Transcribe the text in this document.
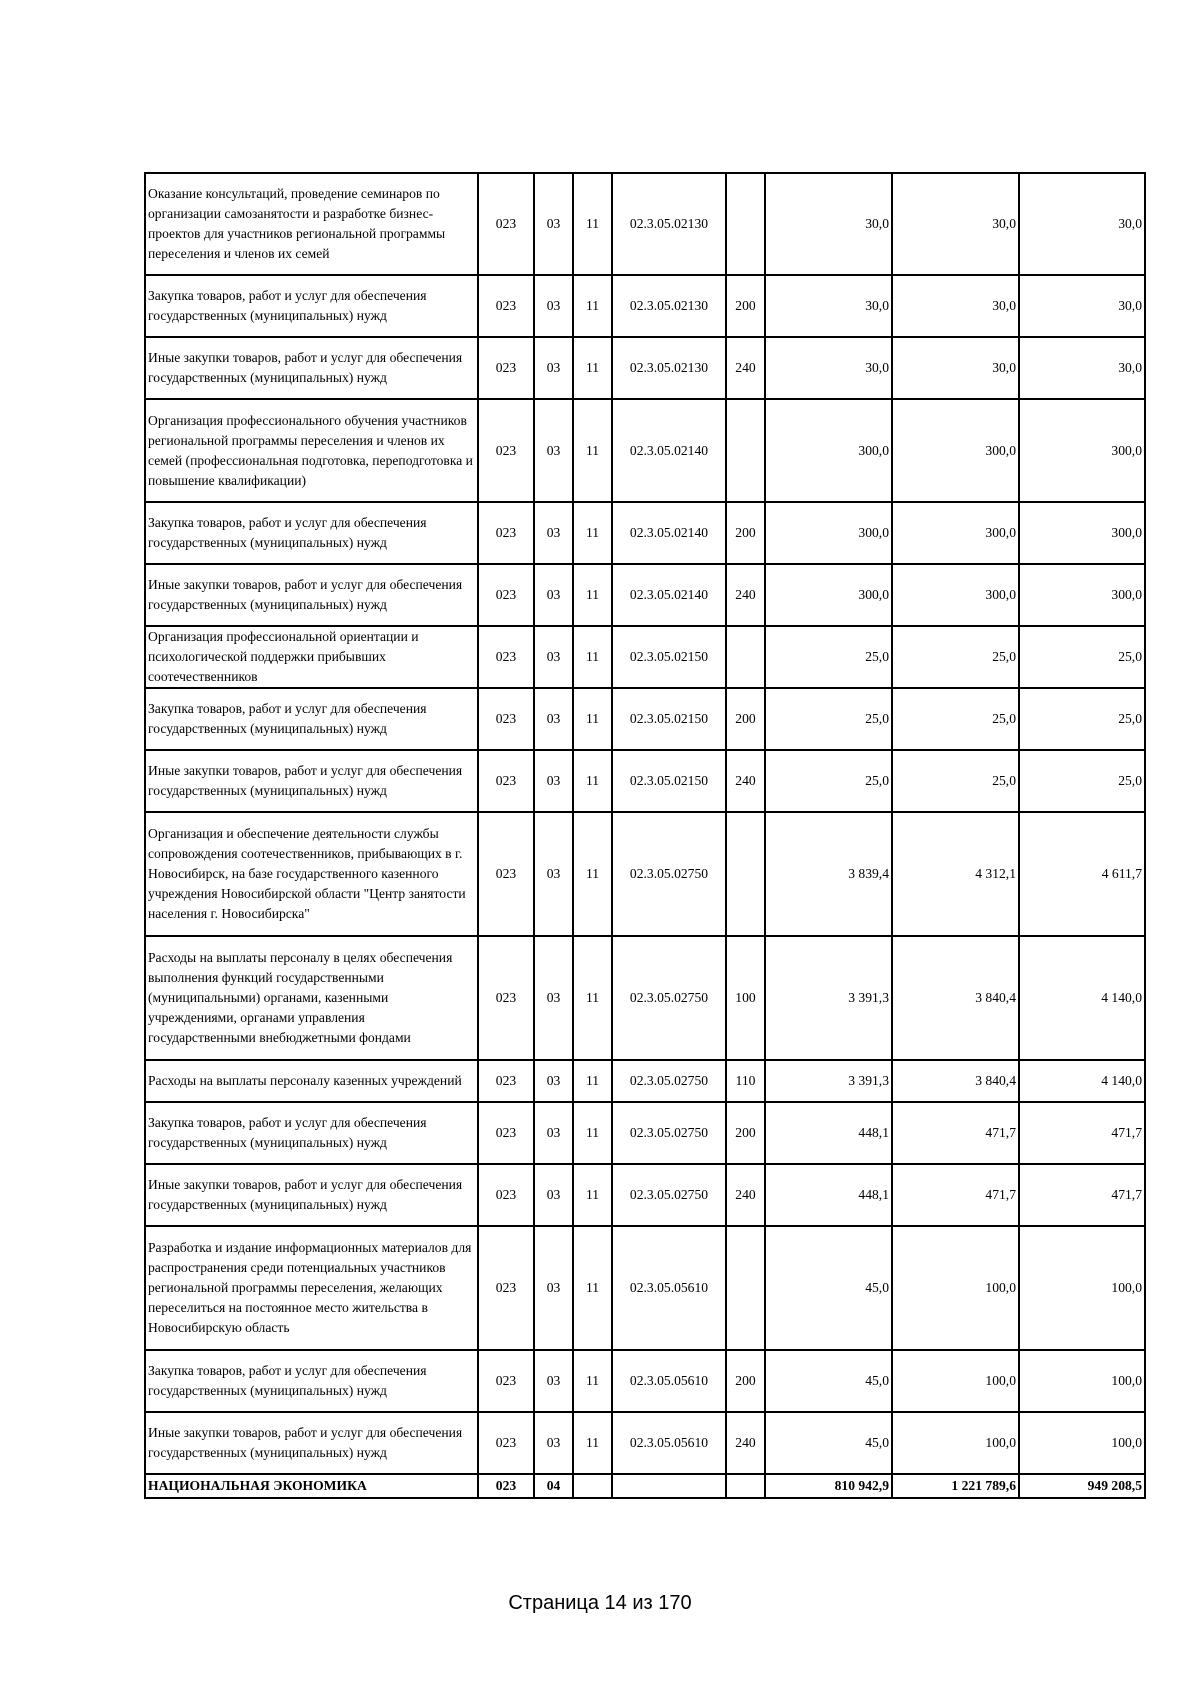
Оказание консультаций, проведение семинаров по организации самозанятости и разработке бизнес-проектов для участников региональной программы переселения и членов их семей	023	03	11	02.3.05.02130		30,0	30,0	30,0
Закупка товаров, работ и услуг для обеспечения государственных (муниципальных) нужд	023	03	11	02.3.05.02130	200	30,0	30,0	30,0
Иные закупки товаров, работ и услуг для обеспечения государственных (муниципальных) нужд	023	03	11	02.3.05.02130	240	30,0	30,0	30,0
Организация профессионального обучения участников региональной программы переселения и членов их семей (профессиональная подготовка, переподготовка и повышение квалификации)	023	03	11	02.3.05.02140		300,0	300,0	300,0
Закупка товаров, работ и услуг для обеспечения государственных (муниципальных) нужд	023	03	11	02.3.05.02140	200	300,0	300,0	300,0
Иные закупки товаров, работ и услуг для обеспечения государственных (муниципальных) нужд	023	03	11	02.3.05.02140	240	300,0	300,0	300,0
Организация профессиональной ориентации и психологической поддержки прибывших соотечественников	023	03	11	02.3.05.02150		25,0	25,0	25,0
Закупка товаров, работ и услуг для обеспечения государственных (муниципальных) нужд	023	03	11	02.3.05.02150	200	25,0	25,0	25,0
Иные закупки товаров, работ и услуг для обеспечения государственных (муниципальных) нужд	023	03	11	02.3.05.02150	240	25,0	25,0	25,0
Организация и обеспечение деятельности службы сопровождения соотечественников, прибывающих в г. Новосибирск, на базе государственного казенного учреждения Новосибирской области "Центр занятости населения г. Новосибирска"	023	03	11	02.3.05.02750		3 839,4	4 312,1	4 611,7
Расходы на выплаты персоналу в целях обеспечения выполнения функций государственными (муниципальными) органами, казенными учреждениями, органами управления государственными внебюджетными фондами	023	03	11	02.3.05.02750	100	3 391,3	3 840,4	4 140,0
Расходы на выплаты персоналу казенных учреждений	023	03	11	02.3.05.02750	110	3 391,3	3 840,4	4 140,0
Закупка товаров, работ и услуг для обеспечения государственных (муниципальных) нужд	023	03	11	02.3.05.02750	200	448,1	471,7	471,7
Иные закупки товаров, работ и услуг для обеспечения государственных (муниципальных) нужд	023	03	11	02.3.05.02750	240	448,1	471,7	471,7
Разработка и издание информационных материалов для распространения среди потенциальных участников региональной программы переселения, желающих переселиться на постоянное место жительства в Новосибирскую область	023	03	11	02.3.05.05610		45,0	100,0	100,0
Закупка товаров, работ и услуг для обеспечения государственных (муниципальных) нужд	023	03	11	02.3.05.05610	200	45,0	100,0	100,0
Иные закупки товаров, работ и услуг для обеспечения государственных (муниципальных) нужд	023	03	11	02.3.05.05610	240	45,0	100,0	100,0
НАЦИОНАЛЬНАЯ ЭКОНОМИКА	023	04				810 942,9	1 221 789,6	949 208,5
Страница 14 из 170
